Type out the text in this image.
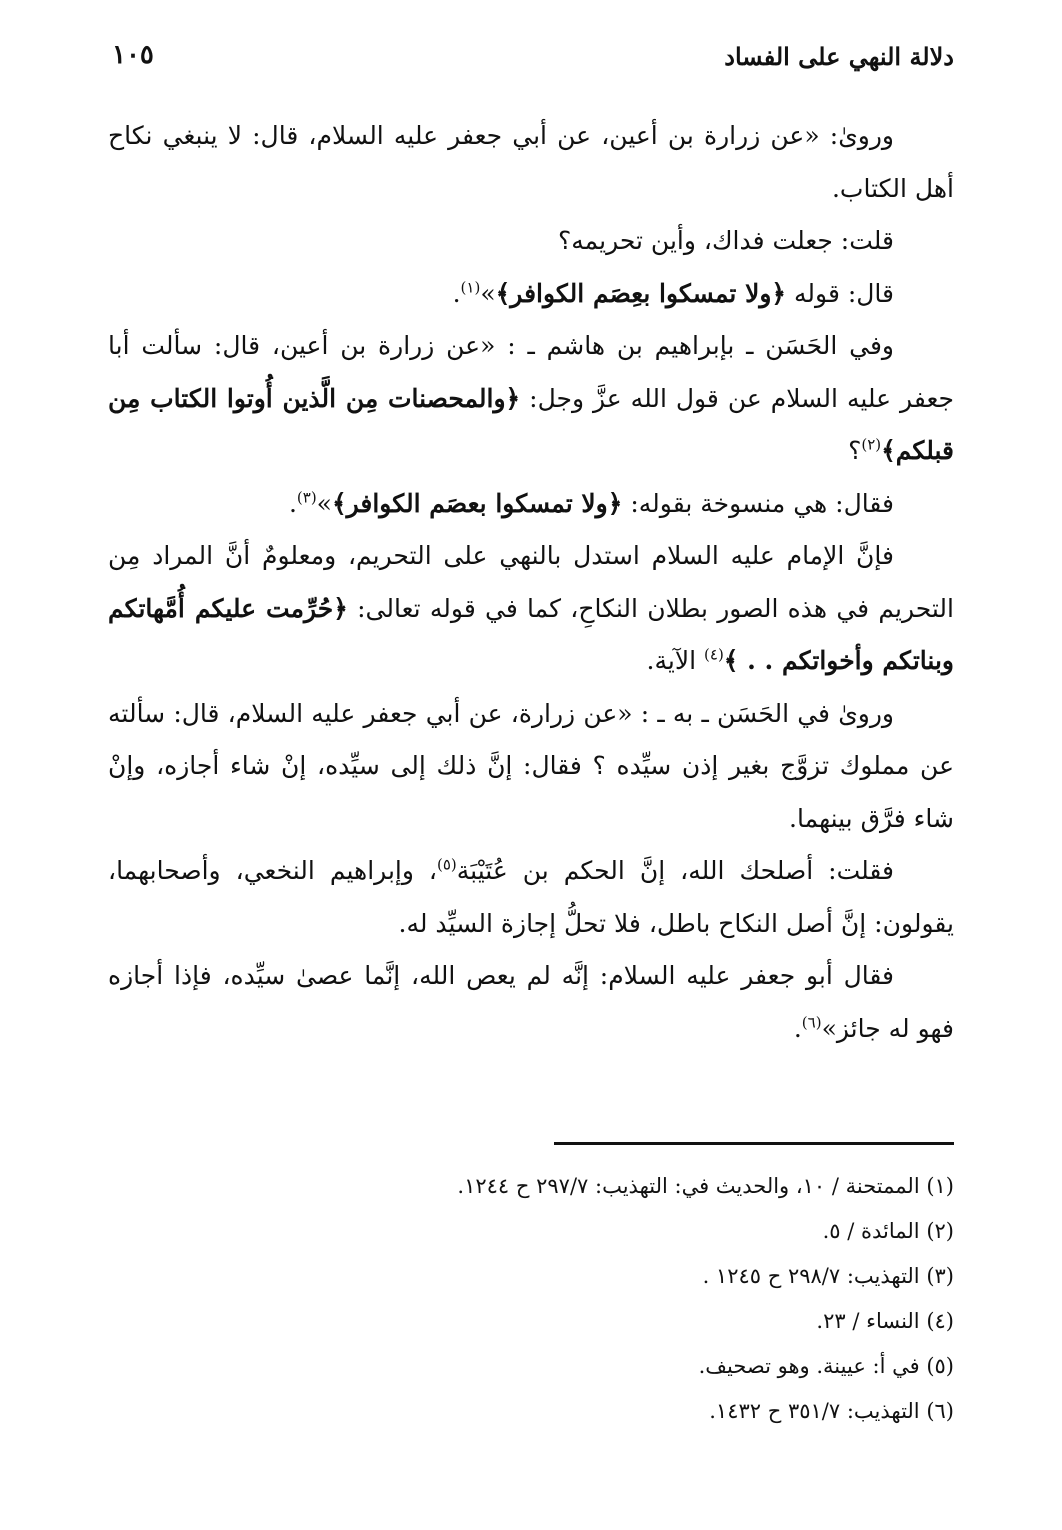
دلالة النهي على الفساد
١٠٥

وروىٰ: «عن زرارة بن أعين، عن أبي جعفر عليه السلام، قال: لا ينبغي نكاح أهل الكتاب.

قلت: جعلت فداك، وأين تحريمه؟

قال: قوله ﴿ولا تمسكوا بعِصَم الكوافر﴾»$^{(١)}$.

وفي الحَسَن ـ بإبراهيم بن هاشم ـ : «عن زرارة بن أعين، قال: سألت أبا جعفر عليه السلام عن قول الله عزَّ وجل: ﴿والمحصنات مِن الَّذين أُوتوا الكتاب مِن قبلكم﴾$^{(٢)}$؟

فقال: هي منسوخة بقوله: ﴿ولا تمسكوا بعصَم الكوافر﴾»$^{(٣)}$.

فإنَّ الإمام عليه السلام استدل بالنهي على التحريم، ومعلومٌ أنَّ المراد مِن التحريم في هذه الصور بطلان النكاحِ، كما في قوله تعالى: ﴿حُرِّمت عليكم أُمَّهاتكم وبناتكم وأخواتكم . . ﴾$^{(٤)}$ الآية.

وروىٰ في الحَسَن ـ به ـ : «عن زرارة، عن أبي جعفر عليه السلام، قال: سألته عن مملوك تزوَّج بغير إذن سيِّده ؟ فقال: إنَّ ذلك إلى سيِّده، إنْ شاء أجازه، وإنْ شاء فرَّق بينهما.

فقلت: أصلحك الله، إنَّ الحكم بن عُتَيْبَة$^{(٥)}$، وإبراهيم النخعي، وأصحابهما، يقولون: إنَّ أصل النكاح باطل، فلا تحلُّ إجازة السيِّد له.

فقال أبو جعفر عليه السلام: إنَّه لم يعص الله، إنَّما عصىٰ سيِّده، فإذا أجازه فهو له جائز»$^{(٦)}$.

(١) الممتحنة / ١٠، والحديث في: التهذيب: ٢٩٧/٧ ح ١٢٤٤.
(٢) المائدة / ٥.
(٣) التهذيب: ٢٩٨/٧ ح ١٢٤٥ .
(٤) النساء / ٢٣.
(٥) في أ: عيينة. وهو تصحيف.
(٦) التهذيب: ٣٥١/٧ ح ١٤٣٢.
